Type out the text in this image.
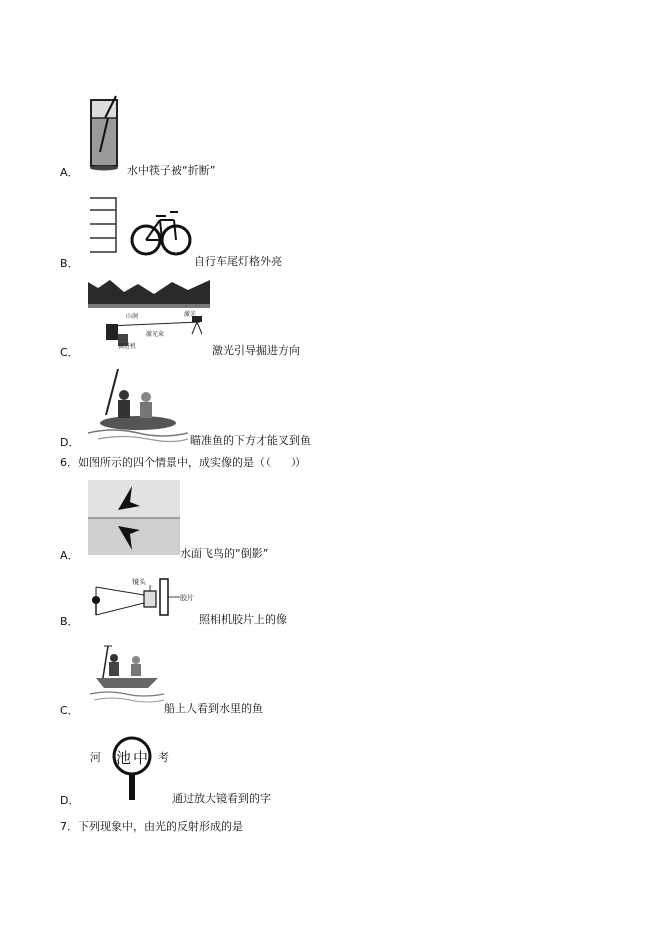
A．	水中筷子被“折断”
B．	自行车尾灯格外亮
山洞	激光
激光束
掘进机
C．	激光引导掘进方向
D．	瞄准鱼的下方才能叉到鱼
6．如图所示的四个情景中，成实像的是（	）
A．	水面飞鸟的“倒影”
镜头
胶片
B．	照相机胶片上的像
C．	船上人看到水里的鱼
河 池 中 考
D．	通过放大镜看到的字
7．下列现象中，由光的反射形成的是
